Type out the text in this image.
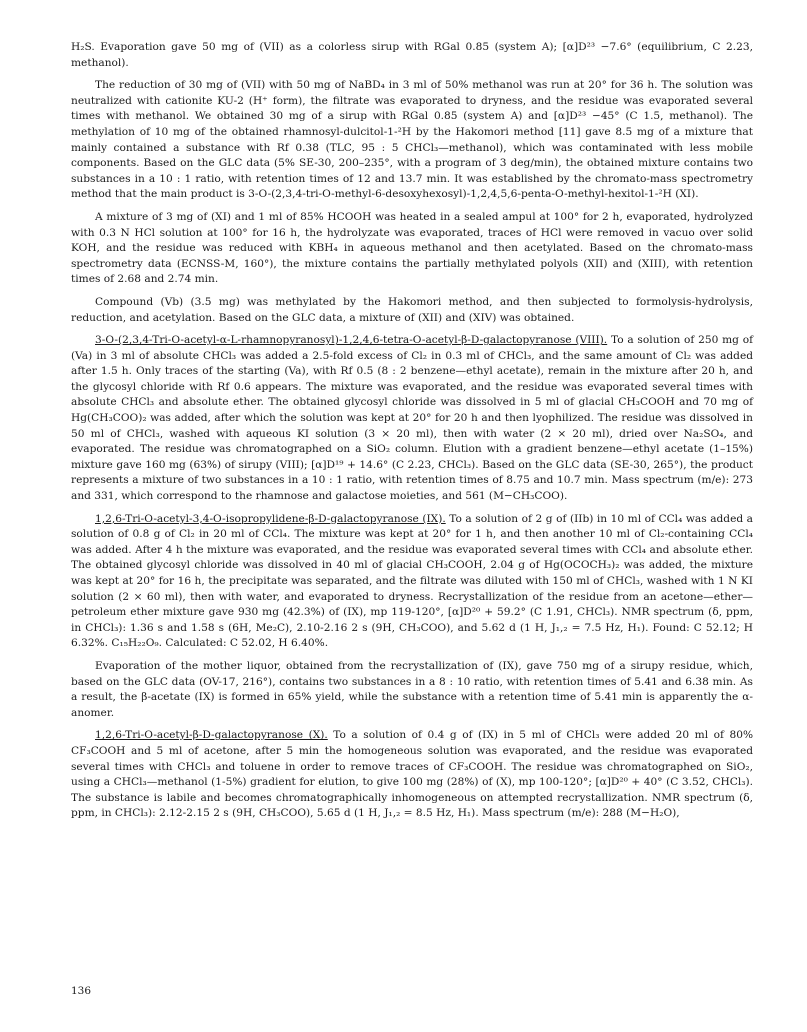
H₂S. Evaporation gave 50 mg of (VII) as a colorless sirup with RGal 0.85 (system A); [α]D²³ −7.6° (equilibrium, C 2.23, methanol).

The reduction of 30 mg of (VII) with 50 mg of NaBD₄ in 3 ml of 50% methanol was run at 20° for 36 h. The solution was neutralized with cationite KU-2 (H⁺ form), the filtrate was evaporated to dryness, and the residue was evaporated several times with methanol. We obtained 30 mg of a sirup with RGal 0.85 (system A) and [α]D²³ −45° (C 1.5, methanol). The methylation of 10 mg of the obtained rhamnosyl-dulcitol-1-²H by the Hakomori method [11] gave 8.5 mg of a mixture that mainly contained a substance with Rf 0.38 (TLC, 95 : 5 CHCl₃—methanol), which was contaminated with less mobile components. Based on the GLC data (5% SE-30, 200–235°, with a program of 3 deg/min), the obtained mixture contains two substances in a 10 : 1 ratio, with retention times of 12 and 13.7 min. It was established by the chromato-mass spectrometry method that the main product is 3-O-(2,3,4-tri-O-methyl-6-desoxyhexosyl)-1,2,4,5,6-penta-O-methyl-hexitol-1-²H (XI).

A mixture of 3 mg of (XI) and 1 ml of 85% HCOOH was heated in a sealed ampul at 100° for 2 h, evaporated, hydrolyzed with 0.3 N HCl solution at 100° for 16 h, the hydrolyzate was evaporated, traces of HCl were removed in vacuo over solid KOH, and the residue was reduced with KBH₄ in aqueous methanol and then acetylated. Based on the chromato-mass spectrometry data (ECNSS-M, 160°), the mixture contains the partially methylated polyols (XII) and (XIII), with retention times of 2.68 and 2.74 min.

Compound (Vb) (3.5 mg) was methylated by the Hakomori method, and then subjected to formolysis-hydrolysis, reduction, and acetylation. Based on the GLC data, a mixture of (XII) and (XIV) was obtained.

3-O-(2,3,4-Tri-O-acetyl-α-L-rhamnopyranosyl)-1,2,4,6-tetra-O-acetyl-β-D-galactopyranose (VIII). To a solution of 250 mg of (Va) in 3 ml of absolute CHCl₃ was added a 2.5-fold excess of Cl₂ in 0.3 ml of CHCl₃, and the same amount of Cl₂ was added after 1.5 h. Only traces of the starting (Va), with Rf 0.5 (8 : 2 benzene—ethyl acetate), remain in the mixture after 20 h, and the glycosyl chloride with Rf 0.6 appears. The mixture was evaporated, and the residue was evaporated several times with absolute CHCl₃ and absolute ether. The obtained glycosyl chloride was dissolved in 5 ml of glacial CH₃COOH and 70 mg of Hg(CH₃COO)₂ was added, after which the solution was kept at 20° for 20 h and then lyophilized. The residue was dissolved in 50 ml of CHCl₃, washed with aqueous KI solution (3 × 20 ml), then with water (2 × 20 ml), dried over Na₂SO₄, and evaporated. The residue was chromatographed on a SiO₂ column. Elution with a gradient benzene—ethyl acetate (1–15%) mixture gave 160 mg (63%) of sirupy (VIII); [α]D¹⁹ + 14.6° (C 2.23, CHCl₃). Based on the GLC data (SE-30, 265°), the product represents a mixture of two substances in a 10 : 1 ratio, with retention times of 8.75 and 10.7 min. Mass spectrum (m/e): 273 and 331, which correspond to the rhamnose and galactose moieties, and 561 (M−CH₃COO).

1,2,6-Tri-O-acetyl-3,4-O-isopropylidene-β-D-galactopyranose (IX). To a solution of 2 g of (IIb) in 10 ml of CCl₄ was added a solution of 0.8 g of Cl₂ in 20 ml of CCl₄. The mixture was kept at 20° for 1 h, and then another 10 ml of Cl₂-containing CCl₄ was added. After 4 h the mixture was evaporated, and the residue was evaporated several times with CCl₄ and absolute ether. The obtained glycosyl chloride was dissolved in 40 ml of glacial CH₃COOH, 2.04 g of Hg(OCOCH₃)₂ was added, the mixture was kept at 20° for 16 h, the precipitate was separated, and the filtrate was diluted with 150 ml of CHCl₃, washed with 1 N KI solution (2 × 60 ml), then with water, and evaporated to dryness. Recrystallization of the residue from an acetone—ether—petroleum ether mixture gave 930 mg (42.3%) of (IX), mp 119-120°, [α]D²⁰ + 59.2° (C 1.91, CHCl₃). NMR spectrum (δ, ppm, in CHCl₃): 1.36 s and 1.58 s (6H, Me₂C), 2.10-2.16 2 s (9H, CH₃COO), and 5.62 d (1 H, J₁,₂ = 7.5 Hz, H₁). Found: C 52.12; H 6.32%. C₁₅H₂₂O₉. Calculated: C 52.02, H 6.40%.

Evaporation of the mother liquor, obtained from the recrystallization of (IX), gave 750 mg of a sirupy residue, which, based on the GLC data (OV-17, 216°), contains two substances in a 8 : 10 ratio, with retention times of 5.41 and 6.38 min. As a result, the β-acetate (IX) is formed in 65% yield, while the substance with a retention time of 5.41 min is apparently the α-anomer.

1,2,6-Tri-O-acetyl-β-D-galactopyranose (X). To a solution of 0.4 g of (IX) in 5 ml of CHCl₃ were added 20 ml of 80% CF₃COOH and 5 ml of acetone, after 5 min the homogeneous solution was evaporated, and the residue was evaporated several times with CHCl₃ and toluene in order to remove traces of CF₃COOH. The residue was chromatographed on SiO₂, using a CHCl₃—methanol (1-5%) gradient for elution, to give 100 mg (28%) of (X), mp 100-120°; [α]D²⁰ + 40° (C 3.52, CHCl₃). The substance is labile and becomes chromatographically inhomogeneous on attempted recrystallization. NMR spectrum (δ, ppm, in CHCl₃): 2.12-2.15 2 s (9H, CH₃COO), 5.65 d (1 H, J₁,₂ = 8.5 Hz, H₁). Mass spectrum (m/e): 288 (M−H₂O),

136
